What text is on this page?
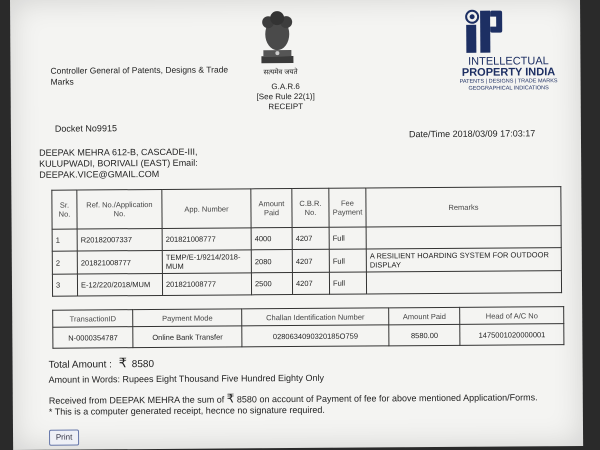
Controller General of Patents, Designs & Trade Marks
सत्यमेव जयते
G.A.R.6
[See Rule 22(1)]
RECEIPT
INTELLECTUAL
PROPERTY INDIA
PATENTS | DESIGNS | TRADE MARKS
GEOGRAPHICAL INDICATIONS
Docket No9915	Date/Time 2018/03/09 17:03:17
DEEPAK MEHRA 612-B, CASCADE-III,
KULUPWADI, BORIVALI (EAST) Email:
DEEPAK.VICE@GMAIL.COM
Sr. No.	Ref. No./Application No.	App. Number	Amount Paid	C.B.R. No.	Fee Payment	Remarks
1	R20182007337	201821008777	4000	4207	Full	
2	201821008777	TEMP/E-1/9214/2018-MUM	2080	4207	Full	A RESILIENT HOARDING SYSTEM FOR OUTDOOR DISPLAY
3	E-12/220/2018/MUM	201821008777	2500	4207	Full	
TransactionID	Payment Mode	Challan Identification Number	Amount Paid	Head of A/C No
N-0000354787	Online Bank Transfer	0280634090320185O759	8580.00	1475001020000001
Total Amount : ₹ 8580
Amount in Words: Rupees Eight Thousand Five Hundred Eighty Only
Received from DEEPAK MEHRA the sum of ₹ 8580 on account of Payment of fee for above mentioned Application/Forms.
* This is a computer generated receipt, hecnce no signature required.
Print
